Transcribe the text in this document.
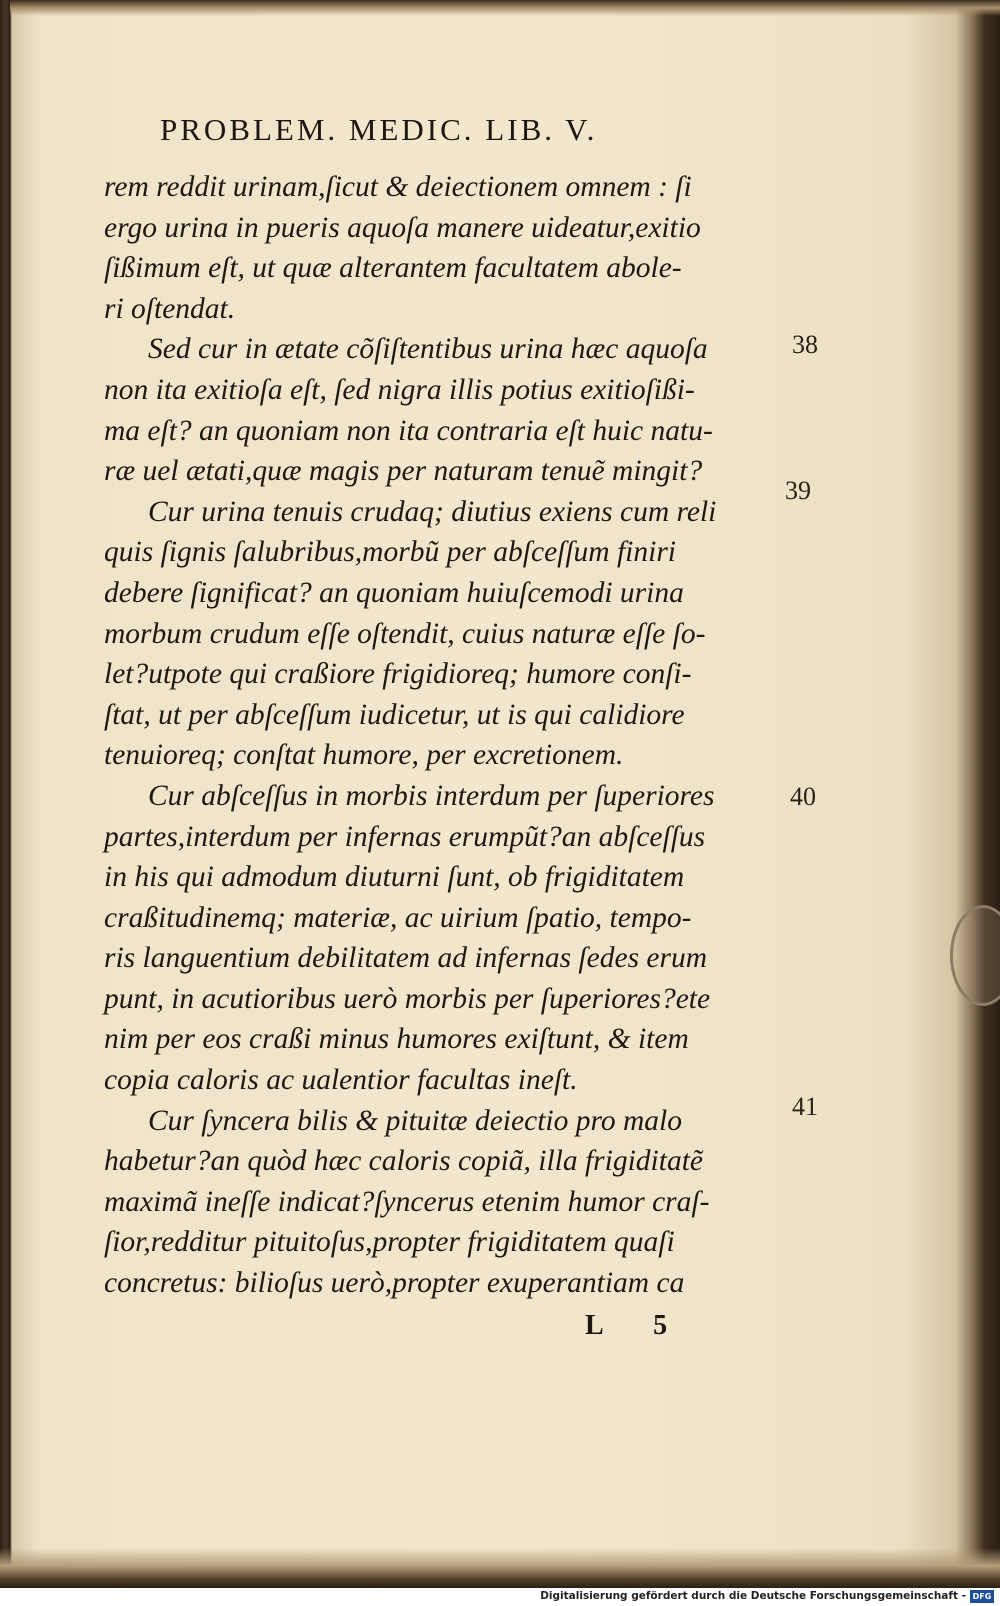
PROBLEM. MEDIC. LIB. V.
rem reddit urinam,ſicut & deiectionem omnem : ſi
ergo urina in pueris aquoſa manere uideatur,exitio
ſißimum eſt, ut quæ alterantem facultatem abole-
ri oſtendat.
Sed cur in ætate cõſiſtentibus urina hæc aquoſa
non ita exitioſa eſt, ſed nigra illis potius exitioſißi-
ma eſt? an quoniam non ita contraria eſt huic natu-
ræ uel ætati,quæ magis per naturam tenuẽ mingit?
Cur urina tenuis crudaq; diutius exiens cum reli
quis ſignis ſalubribus,morbũ per abſceſſum finiri
debere ſignificat? an quoniam huiuſcemodi urina
morbum crudum eſſe oſtendit, cuius naturæ eſſe ſo-
let?utpote qui craßiore frigidioreq; humore conſi-
ſtat, ut per abſceſſum iudicetur, ut is qui calidiore
tenuioreq; conſtat humore, per excretionem.
Cur abſceſſus in morbis interdum per ſuperiores
partes,interdum per infernas erumpũt?an abſceſſus
in his qui admodum diuturni ſunt, ob frigiditatem
craßitudinemq; materiæ, ac uirium ſpatio, tempo-
ris languentium debilitatem ad infernas ſedes erum
punt, in acutioribus uerò morbis per ſuperiores?ete
nim per eos craßi minus humores exiſtunt, & item
copia caloris ac ualentior facultas ineſt.
Cur ſyncera bilis & pituitæ deiectio pro malo
habetur?an quòd hæc caloris copiã, illa frigiditatẽ
maximã ineſſe indicat?ſyncerus etenim humor craſ-
ſior,redditur pituitoſus,propter frigiditatem quaſi
concretus: bilioſus uerò,propter exuperantiam ca
38
39
40
41
L 5
Digitalisierung gefördert durch die Deutsche Forschungsgemeinschaft - DFG
